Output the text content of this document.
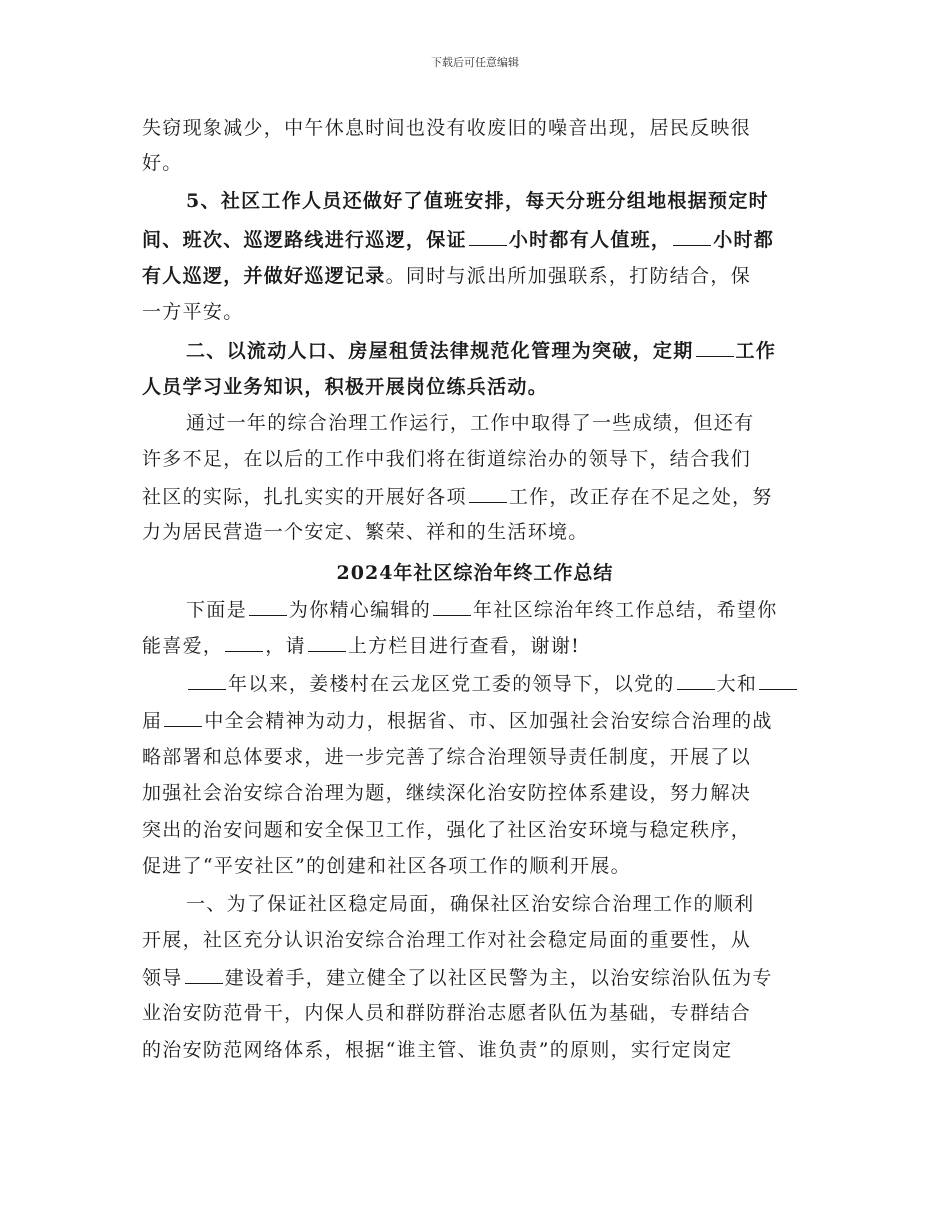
下载后可任意编辑
失窃现象减少，中午休息时间也没有收废旧的噪音出现，居民反映很
好。
5、社区工作人员还做好了值班安排，每天分班分组地根据预定时
间、班次、巡逻路线进行巡逻，保证 小时都有人值班， 小时都
有人巡逻，并做好巡逻记录。同时与派出所加强联系，打防结合，保
一方平安。
二、以流动人口、房屋租赁法律规范化管理为突破，定期 工作
人员学习业务知识，积极开展岗位练兵活动。
通过一年的综合治理工作运行，工作中取得了一些成绩，但还有
许多不足，在以后的工作中我们将在街道综治办的领导下，结合我们
社区的实际，扎扎实实的开展好各项 工作，改正存在不足之处，努
力为居民营造一个安定、繁荣、祥和的生活环境。
2024年社区综治年终工作总结
下面是 为你精心编辑的 年社区综治年终工作总结，希望你
能喜爱， ，请 上方栏目进行查看，谢谢!
年以来，姜楼村在云龙区党工委的领导下，以党的 大和
届 中全会精神为动力，根据省、市、区加强社会治安综合治理的战
略部署和总体要求，进一步完善了综合治理领导责任制度，开展了以
加强社会治安综合治理为题，继续深化治安防控体系建设，努力解决
突出的治安问题和安全保卫工作，强化了社区治安环境与稳定秩序，
促进了“平安社区”的创建和社区各项工作的顺利开展。
一、为了保证社区稳定局面，确保社区治安综合治理工作的顺利
开展，社区充分认识治安综合治理工作对社会稳定局面的重要性，从
领导 建设着手，建立健全了以社区民警为主，以治安综治队伍为专
业治安防范骨干，内保人员和群防群治志愿者队伍为基础，专群结合
的治安防范网络体系，根据“谁主管、谁负责”的原则，实行定岗定
